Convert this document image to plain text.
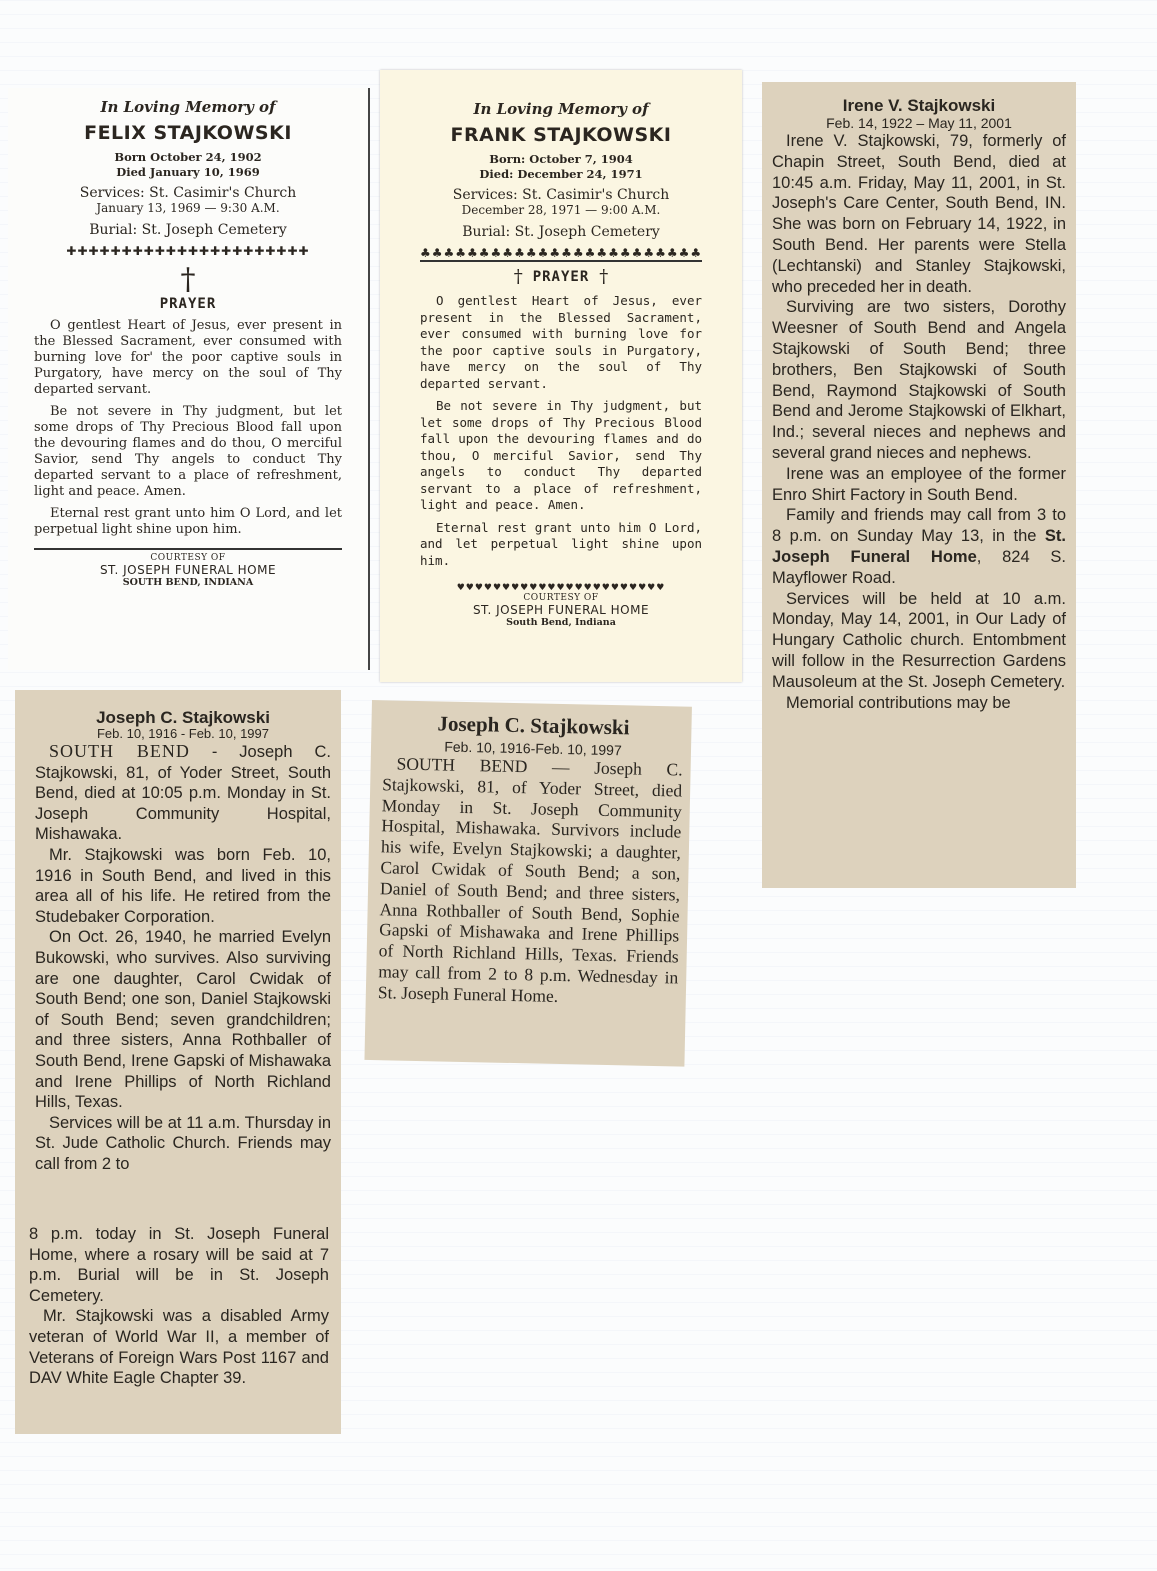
In Loving Memory of
FELIX STAJKOWSKI
Born October 24, 1902
Died January 10, 1969
Services: St. Casimir's Church
January 13, 1969 — 9:30 A.M.
Burial: St. Joseph Cemetery
✚✚✚✚✚✚✚✚✚✚✚✚✚✚✚✚✚✚✚✚✚✚
†
PRAYER

O gentlest Heart of Jesus, ever present in the Blessed Sacrament, ever consumed with burning love for' the poor captive souls in Purgatory, have mercy on the soul of Thy departed servant.

Be not severe in Thy judgment, but let some drops of Thy Precious Blood fall upon the devouring flames and do thou, O merciful Savior, send Thy angels to conduct Thy departed servant to a place of refreshment, light and peace. Amen.

Eternal rest grant unto him O Lord, and let perpetual light shine upon him.

COURTESY OF
ST. JOSEPH FUNERAL HOME
SOUTH BEND, INDIANA
In Loving Memory of
FRANK STAJKOWSKI
Born: October 7, 1904
Died: December 24, 1971
Services: St. Casimir's Church
December 28, 1971 — 9:00 A.M.
Burial: St. Joseph Cemetery
♣♣♣♣♣♣♣♣♣♣♣♣♣♣♣♣♣♣♣♣♣♣♣♣
† PRAYER †

O gentlest Heart of Jesus, ever present in the Blessed Sacrament, ever consumed with burning love for the poor captive souls in Purgatory, have mercy on the soul of Thy departed servant.

Be not severe in Thy judgment, but let some drops of Thy Precious Blood fall upon the devouring flames and do thou, O merciful Savior, send Thy angels to conduct Thy departed servant to a place of refreshment, light and peace. Amen.

Eternal rest grant unto him O Lord, and let perpetual light shine upon him.

♥♥♥♥♥♥♥♥♥♥♥♥♥♥♥♥♥♥♥♥♥♥♥
COURTESY OF
ST. JOSEPH FUNERAL HOME
South Bend, Indiana
Irene V. Stajkowski
Feb. 14, 1922 – May 11, 2001

Irene V. Stajkowski, 79, formerly of Chapin Street, South Bend, died at 10:45 a.m. Friday, May 11, 2001, in St. Joseph's Care Center, South Bend, IN. She was born on February 14, 1922, in South Bend. Her parents were Stella (Lechtanski) and Stanley Stajkowski, who preceded her in death.

Surviving are two sisters, Dorothy Weesner of South Bend and Angela Stajkowski of South Bend; three brothers, Ben Stajkowski of South Bend, Raymond Stajkowski of South Bend and Jerome Stajkowski of Elkhart, Ind.; several nieces and nephews and several grand nieces and nephews.

Irene was an employee of the former Enro Shirt Factory in South Bend.

Family and friends may call from 3 to 8 p.m. on Sunday May 13, in the St. Joseph Funeral Home, 824 S. Mayflower Road.

Services will be held at 10 a.m. Monday, May 14, 2001, in Our Lady of Hungary Catholic church. Entombment will follow in the Resurrection Gardens Mausoleum at the St. Joseph Cemetery.

Memorial contributions may be

Joseph C. Stajkowski
Feb. 10, 1916 - Feb. 10, 1997

SOUTH BEND - Joseph C. Stajkowski, 81, of Yoder Street, South Bend, died at 10:05 p.m. Monday in St. Joseph Community Hospital, Mishawaka.

Mr. Stajkowski was born Feb. 10, 1916 in South Bend, and lived in this area all of his life. He retired from the Studebaker Corporation.

On Oct. 26, 1940, he married Evelyn Bukowski, who survives. Also surviving are one daughter, Carol Cwidak of South Bend; one son, Daniel Stajkowski of South Bend; seven grandchildren; and three sisters, Anna Rothballer of South Bend, Irene Gapski of Mishawaka and Irene Phillips of North Richland Hills, Texas.

Services will be at 11 a.m. Thursday in St. Jude Catholic Church. Friends may call from 2 to

8 p.m. today in St. Joseph Funeral Home, where a rosary will be said at 7 p.m. Burial will be in St. Joseph Cemetery.

Mr. Stajkowski was a disabled Army veteran of World War II, a member of Veterans of Foreign Wars Post 1167 and DAV White Eagle Chapter 39.

Joseph C. Stajkowski
Feb. 10, 1916-Feb. 10, 1997

SOUTH BEND — Joseph C. Stajkowski, 81, of Yoder Street, died Monday in St. Joseph Community Hospital, Mishawaka. Survivors include his wife, Evelyn Stajkowski; a daughter, Carol Cwidak of South Bend; a son, Daniel of South Bend; and three sisters, Anna Rothballer of South Bend, Sophie Gapski of Mishawaka and Irene Phillips of North Richland Hills, Texas. Friends may call from 2 to 8 p.m. Wednesday in St. Joseph Funeral Home.
